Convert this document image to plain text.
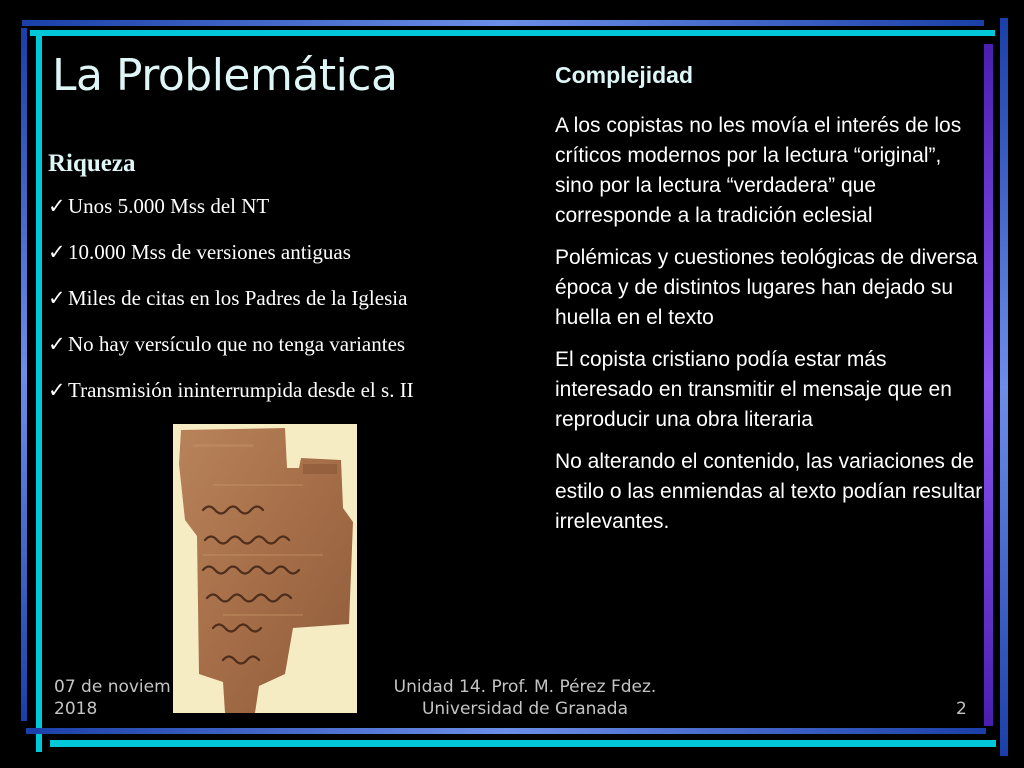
La Problemática
Riqueza
✓ Unos 5.000 Mss del NT
✓ 10.000 Mss de versiones antiguas
✓ Miles de citas en los Padres de la Iglesia
✓ No hay versículo que no tenga variantes
✓ Transmisión ininterrumpida desde el s. II
Complejidad

A los copistas no les movía el interés de los críticos modernos por la lectura “original”, sino por la lectura “verdadera” que corresponde a la tradición eclesial

Polémicas y cuestiones teológicas de diversa época y de distintos lugares han dejado su huella en el texto

El copista cristiano podía estar más interesado en transmitir el mensaje que en reproducir una obra literaria

No alterando el contenido, las variaciones de estilo o las enmiendas al texto podían resultar irrelevantes.

07 de noviem
2018
Unidad 14. Prof. M. Pérez Fdez.
Universidad de Granada	2
